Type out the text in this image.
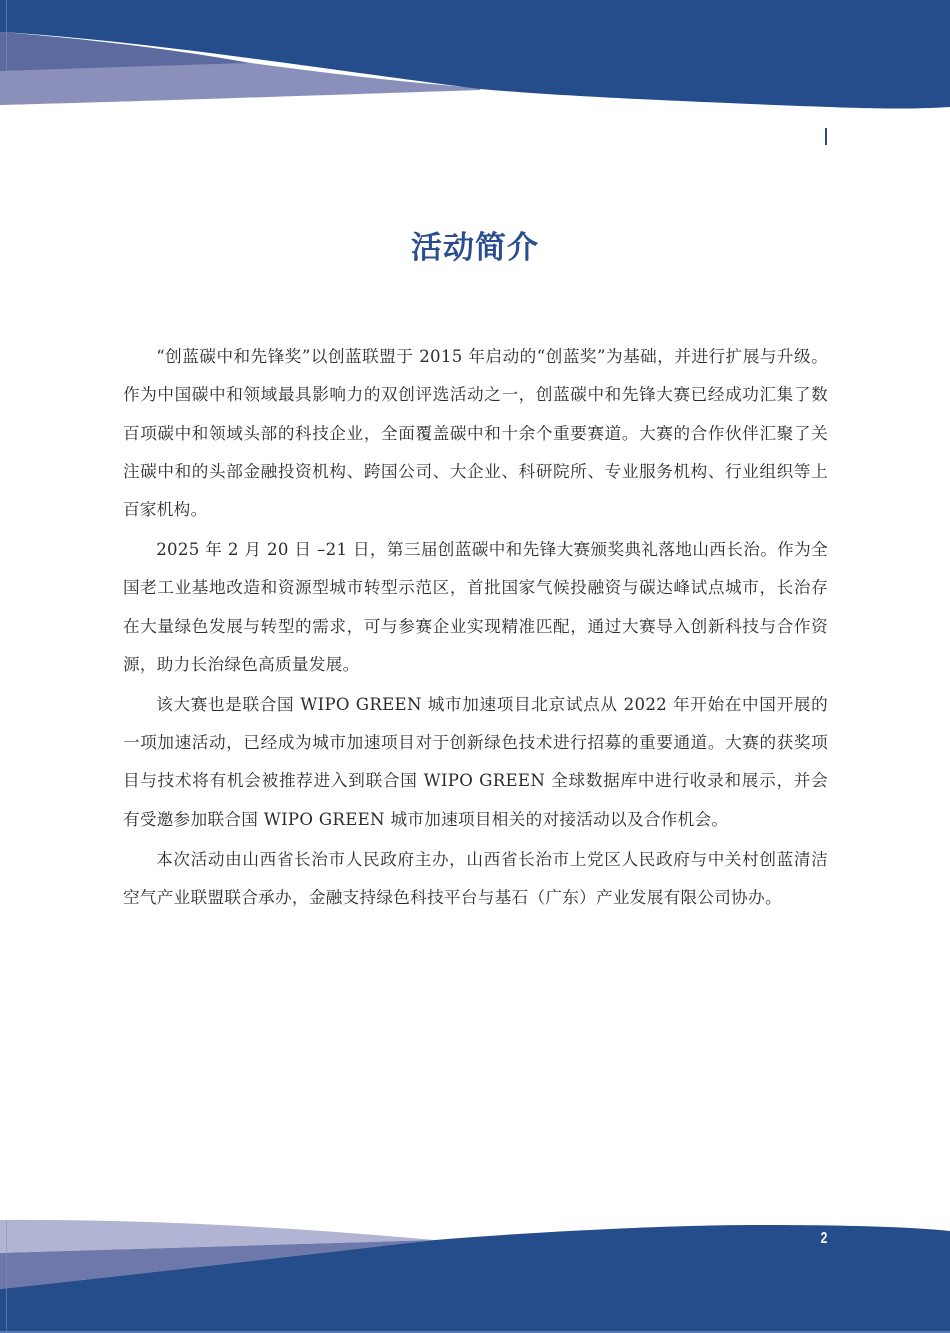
活动简介

“创蓝碳中和先锋奖”以创蓝联盟于 2015 年启动的“创蓝奖”为基础，并进行扩展与升级。作为中国碳中和领域最具影响力的双创评选活动之一，创蓝碳中和先锋大赛已经成功汇集了数百项碳中和领域头部的科技企业，全面覆盖碳中和十余个重要赛道。大赛的合作伙伴汇聚了关注碳中和的头部金融投资机构、跨国公司、大企业、科研院所、专业服务机构、行业组织等上百家机构。

2025 年 2 月 20 日 –21 日，第三届创蓝碳中和先锋大赛颁奖典礼落地山西长治。作为全国老工业基地改造和资源型城市转型示范区，首批国家气候投融资与碳达峰试点城市，长治存在大量绿色发展与转型的需求，可与参赛企业实现精准匹配，通过大赛导入创新科技与合作资源，助力长治绿色高质量发展。

该大赛也是联合国 WIPO GREEN 城市加速项目北京试点从 2022 年开始在中国开展的一项加速活动，已经成为城市加速项目对于创新绿色技术进行招募的重要通道。大赛的获奖项目与技术将有机会被推荐进入到联合国 WIPO GREEN 全球数据库中进行收录和展示，并会有受邀参加联合国 WIPO GREEN 城市加速项目相关的对接活动以及合作机会。

本次活动由山西省长治市人民政府主办，山西省长治市上党区人民政府与中关村创蓝清洁空气产业联盟联合承办，金融支持绿色科技平台与基石（广东）产业发展有限公司协办。

2
